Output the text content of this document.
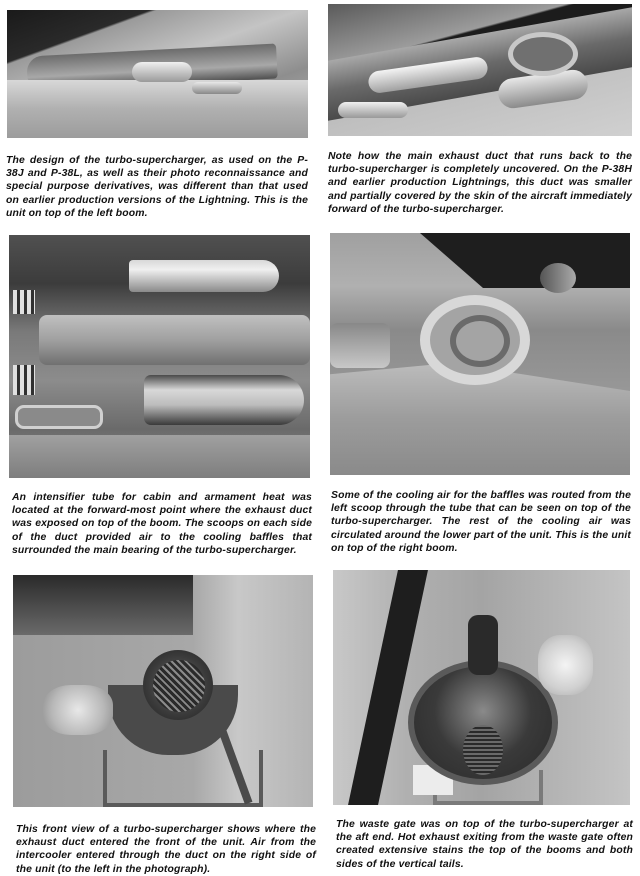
The design of the turbo-supercharger, as used on the P-38J and P-38L, as well as their photo reconnaissance and special purpose derivatives, was different than that used on earlier production versions of the Lightning. This is the unit on top of the left boom.
Note how the main exhaust duct that runs back to the turbo-supercharger is completely uncovered. On the P-38H and earlier production Lightnings, this duct was smaller and partially covered by the skin of the aircraft immediately forward of the turbo-supercharger.
An intensifier tube for cabin and armament heat was located at the forward-most point where the exhaust duct was exposed on top of the boom. The scoops on each side of the duct provided air to the cooling baffles that surrounded the main bearing of the turbo-supercharger.
Some of the cooling air for the baffles was routed from the left scoop through the tube that can be seen on top of the turbo-supercharger. The rest of the cooling air was circulated around the lower part of the unit. This is the unit on top of the right boom.
This front view of a turbo-supercharger shows where the exhaust duct entered the front of the unit. Air from the intercooler entered through the duct on the right side of the unit (to the left in the photograph).
The waste gate was on top of the turbo-supercharger at the aft end. Hot exhaust exiting from the waste gate often created extensive stains the top of the booms and both sides of the vertical tails.
